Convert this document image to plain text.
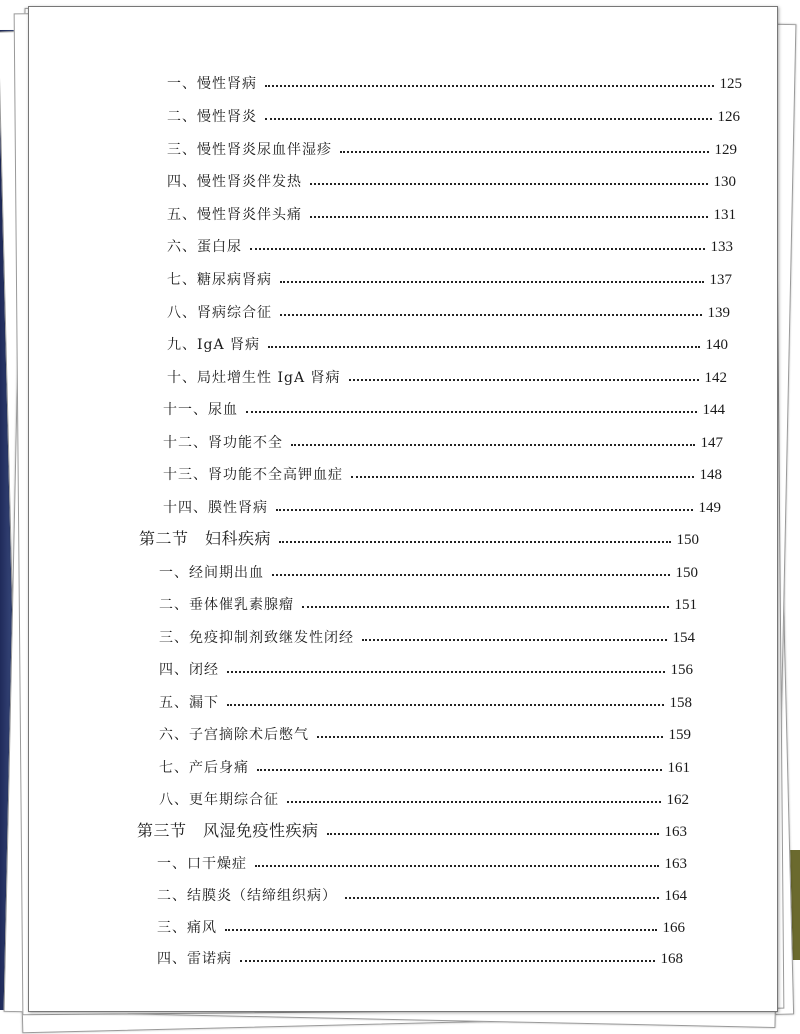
一、慢性肾病	125
二、慢性肾炎	126
三、慢性肾炎尿血伴湿疹	129
四、慢性肾炎伴发热	130
五、慢性肾炎伴头痛	131
六、蛋白尿	133
七、糖尿病肾病	137
八、肾病综合征	139
九、IgA 肾病	140
十、局灶增生性 IgA 肾病	142
十一、尿血	144
十二、肾功能不全	147
十三、肾功能不全高钾血症	148
十四、膜性肾病	149
第二节　妇科疾病	150
一、经间期出血	150
二、垂体催乳素腺瘤	151
三、免疫抑制剂致继发性闭经	154
四、闭经	156
五、漏下	158
六、子宫摘除术后憋气	159
七、产后身痛	161
八、更年期综合征	162
第三节　风湿免疫性疾病	163
一、口干燥症	163
二、结膜炎（结缔组织病）	164
三、痛风	166
四、雷诺病	168
